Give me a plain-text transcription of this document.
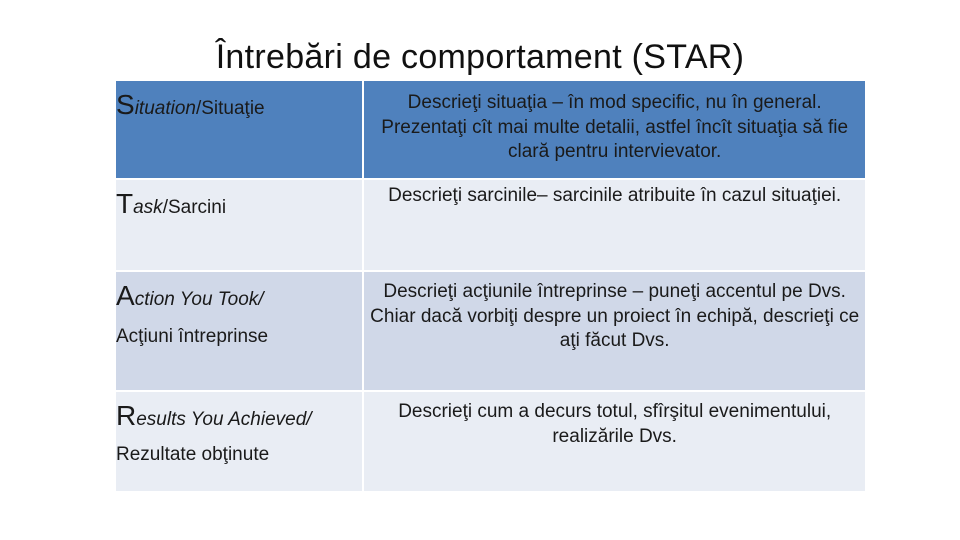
Întrebări de comportament (STAR)
Situation/Situaţie	Descrieţi situaţia – în mod specific, nu în general. Prezentaţi cît mai multe detalii, astfel încît situaţia să fie clară pentru intervievator.
Task/Sarcini	Descrieţi sarcinile– sarcinile atribuite în cazul situaţiei.
Action You Took/
Acţiuni întreprinse	Descrieţi acţiunile întreprinse – puneţi accentul pe Dvs. Chiar dacă vorbiţi despre un proiect în echipă, descrieţi ce aţi făcut Dvs.
Results You Achieved/
Rezultate obţinute	Descrieţi cum a decurs totul, sfîrşitul evenimentului, realizările Dvs.
